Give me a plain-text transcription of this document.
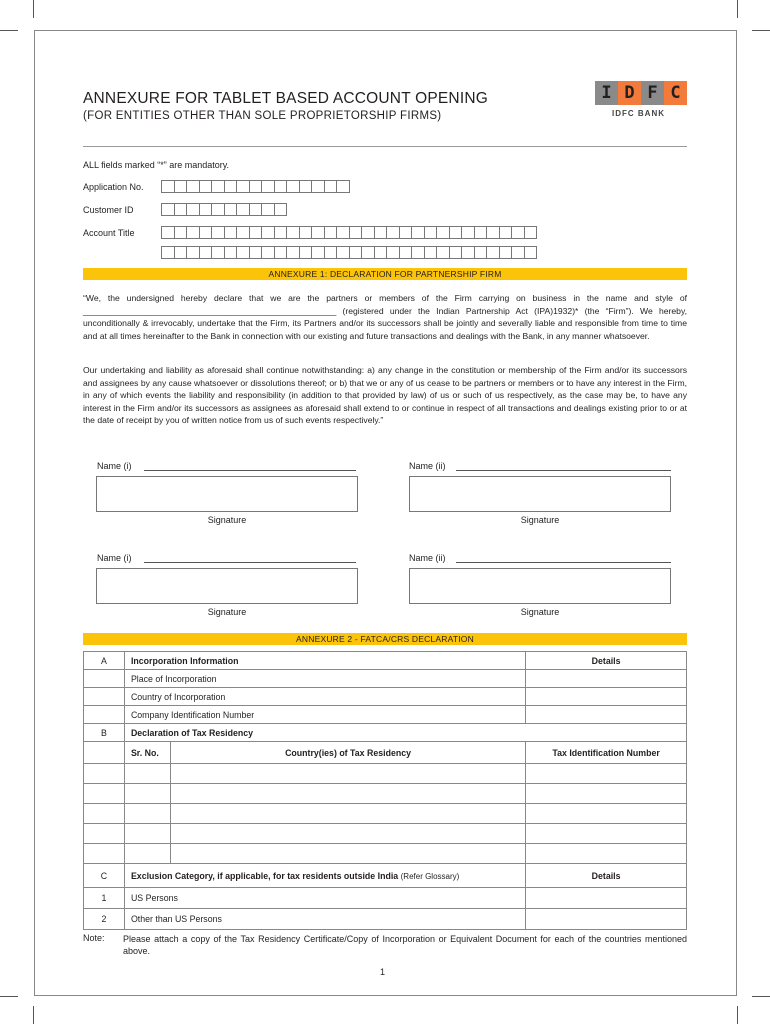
ANNEXURE FOR TABLET BASED ACCOUNT OPENING
(FOR ENTITIES OTHER THAN SOLE PROPRIETORSHIP FIRMS)
I D F C
IDFC BANK
ALL fields marked “*” are mandatory.
Application No.
Customer ID
Account Title
ANNEXURE 1: DECLARATION FOR PARTNERSHIP FIRM
“We, the undersigned hereby declare that we are the partners or members of the Firm carrying on business in the name and style of _____________________________________________________ (registered under the Indian Partnership Act (IPA)1932)* (the “Firm”). We hereby, unconditionally & irrevocably, undertake that the Firm, its Partners and/or its successors shall be jointly and severally liable and responsible from time to time and at all times hereinafter to the Bank in connection with our existing and future transactions and dealings with the Bank, in any manner whatsoever.
Our undertaking and liability as aforesaid shall continue notwithstanding: a) any change in the constitution or membership of the Firm and/or its successors and assignees by any cause whatsoever or dissolutions thereof; or b) that we or any of us cease to be partners or members or to have any interest in the Firm, in any of which events the liability and responsibility (in addition to that provided by law) of us or such of us respectively, as the case may be, to have any interest in the Firm and/or its successors as assignees as aforesaid shall extend to or continue in respect of all transactions and dealings existing prior to or at the date of receipt by you of written notice from us of such events respectively.”
Name (i)	Name (ii)
Signature	Signature
Name (i)	Name (ii)
Signature	Signature
ANNEXURE 2 - FATCA/CRS DECLARATION
A	Incorporation Information		Details
	Place of Incorporation		
	Country of Incorporation		
	Company Identification Number		
B	Declaration of Tax Residency		
	Sr. No.	Country(ies) of Tax Residency	Tax Identification Number

C	Exclusion Category, if applicable, for tax residents outside India (Refer Glossary)		Details
1	US Persons		
2	Other than US Persons		
Note: Please attach a copy of the Tax Residency Certificate/Copy of Incorporation or Equivalent Document for each of the countries mentioned above.
1
